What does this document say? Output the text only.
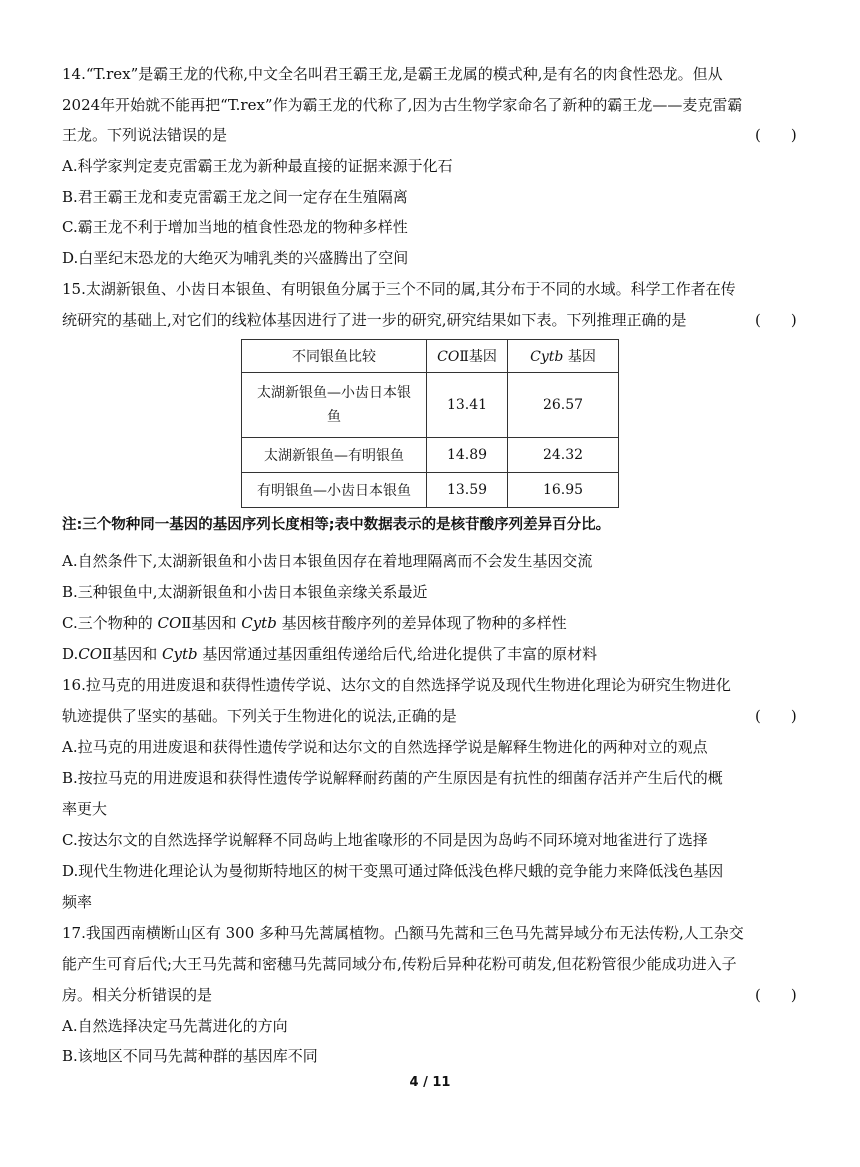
14.“T.rex”是霸王龙的代称,中文全名叫君王霸王龙,是霸王龙属的模式种,是有名的肉食性恐龙。但从
2024年开始就不能再把“T.rex”作为霸王龙的代称了,因为古生物学家命名了新种的霸王龙——麦克雷霸
王龙。下列说法错误的是	(　　)
A.科学家判定麦克雷霸王龙为新种最直接的证据来源于化石
B.君王霸王龙和麦克雷霸王龙之间一定存在生殖隔离
C.霸王龙不利于增加当地的植食性恐龙的物种多样性
D.白垩纪末恐龙的大绝灭为哺乳类的兴盛腾出了空间
15.太湖新银鱼、小齿日本银鱼、有明银鱼分属于三个不同的属,其分布于不同的水域。科学工作者在传
统研究的基础上,对它们的线粒体基因进行了进一步的研究,研究结果如下表。下列推理正确的是	(　　)
不同银鱼比较	COⅡ基因	Cytb 基因
太湖新银鱼—小齿日本银
鱼	13.41	26.57
太湖新银鱼—有明银鱼	14.89	24.32
有明银鱼—小齿日本银鱼	13.59	16.95
注:三个物种同一基因的基因序列长度相等;表中数据表示的是核苷酸序列差异百分比。
A.自然条件下,太湖新银鱼和小齿日本银鱼因存在着地理隔离而不会发生基因交流
B.三种银鱼中,太湖新银鱼和小齿日本银鱼亲缘关系最近
C.三个物种的 COⅡ基因和 Cytb 基因核苷酸序列的差异体现了物种的多样性
D.COⅡ基因和 Cytb 基因常通过基因重组传递给后代,给进化提供了丰富的原材料
16.拉马克的用进废退和获得性遗传学说、达尔文的自然选择学说及现代生物进化理论为研究生物进化
轨迹提供了坚实的基础。下列关于生物进化的说法,正确的是	(　　)
A.拉马克的用进废退和获得性遗传学说和达尔文的自然选择学说是解释生物进化的两种对立的观点
B.按拉马克的用进废退和获得性遗传学说解释耐药菌的产生原因是有抗性的细菌存活并产生后代的概
率更大
C.按达尔文的自然选择学说解释不同岛屿上地雀喙形的不同是因为岛屿不同环境对地雀进行了选择
D.现代生物进化理论认为曼彻斯特地区的树干变黑可通过降低浅色桦尺蛾的竞争能力来降低浅色基因
频率
17.我国西南横断山区有 300 多种马先蒿属植物。凸额马先蒿和三色马先蒿异域分布无法传粉,人工杂交
能产生可育后代;大王马先蒿和密穗马先蒿同域分布,传粉后异种花粉可萌发,但花粉管很少能成功进入子
房。相关分析错误的是	(　　)
A.自然选择决定马先蒿进化的方向
B.该地区不同马先蒿种群的基因库不同
4 / 11
